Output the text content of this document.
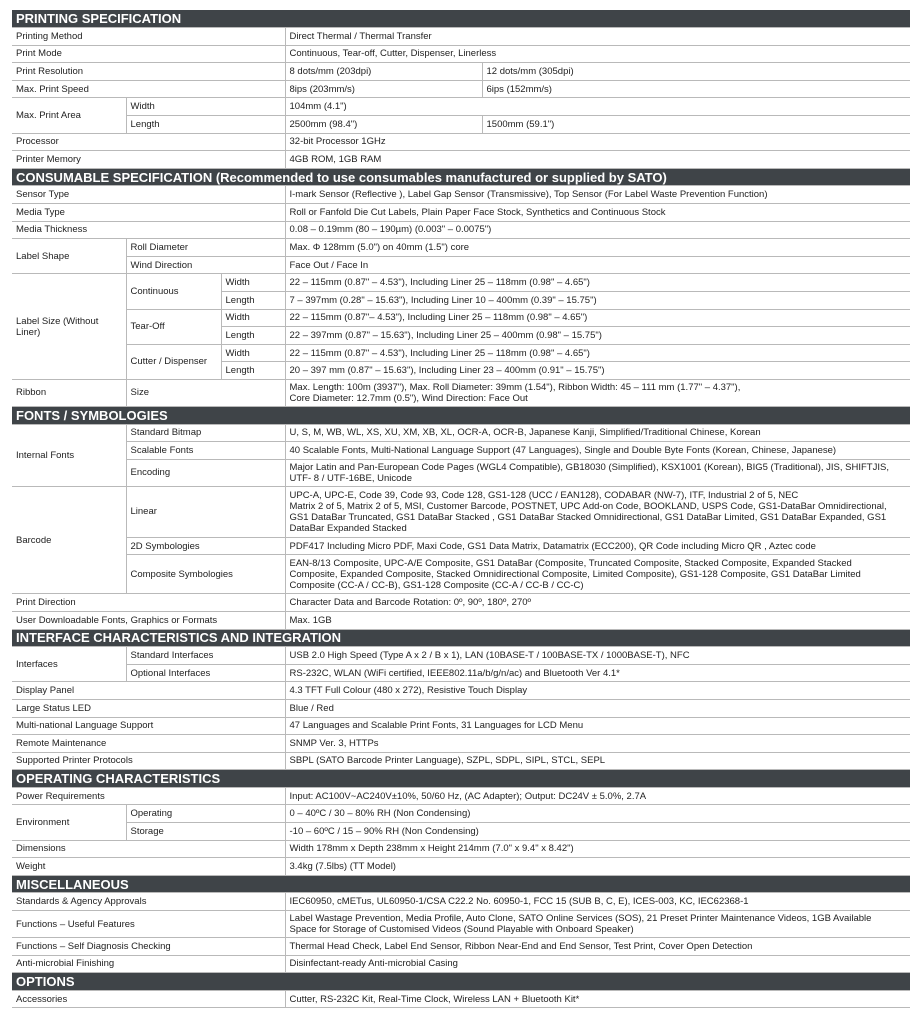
PRINTING SPECIFICATION				
Printing Method			Direct Thermal / Thermal Transfer	
Print Mode			Continuous, Tear-off, Cutter, Dispenser, Linerless	
Print Resolution			8 dots/mm (203dpi)	12 dots/mm (305dpi)
Max. Print Speed			8ips (203mm/s)	6ips (152mm/s)
Max. Print Area	Width		104mm (4.1")	
	Length		2500mm (98.4")	1500mm (59.1")
Processor			32-bit Processor 1GHz	
Printer Memory			4GB ROM, 1GB RAM	
CONSUMABLE SPECIFICATION (Recommended to use consumables manufactured or supplied by SATO)				
Sensor Type			I-mark Sensor (Reflective ), Label Gap Sensor (Transmissive), Top Sensor (For Label Waste Prevention Function)	
Media Type			Roll or Fanfold Die Cut Labels, Plain Paper Face Stock, Synthetics and Continuous Stock	
Media Thickness			0.08 – 0.19mm (80 – 190µm) (0.003" – 0.0075")	
Label Shape	Roll Diameter		Max. Φ 128mm (5.0") on 40mm (1.5") core	
	Wind Direction		Face Out / Face In	
Label Size (Without Liner)	Continuous	Width	22 – 115mm (0.87" – 4.53"), Including Liner 25 – 118mm (0.98" – 4.65")	
		Length	7 – 397mm (0.28" – 15.63"), Including Liner 10 – 400mm (0.39" – 15.75")	
	Tear-Off	Width	22 – 115mm (0.87"– 4.53"), Including Liner 25 – 118mm (0.98" – 4.65")	
		Length	22 – 397mm (0.87" – 15.63"), Including Liner 25 – 400mm (0.98" – 15.75")	
	Cutter / Dispenser	Width	22 – 115mm (0.87" – 4.53"), Including Liner 25 – 118mm (0.98" – 4.65")	
		Length	20 – 397 mm (0.87" – 15.63"), Including Liner 23 – 400mm (0.91" – 15.75")	
Ribbon	Size		Max. Length: 100m (3937"), Max. Roll Diameter: 39mm (1.54"), Ribbon Width: 45 – 111 mm (1.77" – 4.37"),
Core Diameter: 12.7mm (0.5"), Wind Direction: Face Out	

FONTS / SYMBOLOGIES				
Internal Fonts	Standard Bitmap		U, S, M, WB, WL, XS, XU, XM, XB, XL, OCR-A, OCR-B, Japanese Kanji, Simplified/Traditional Chinese, Korean	
	Scalable Fonts		40 Scalable Fonts, Multi-National Language Support (47 Languages), Single and Double Byte Fonts (Korean, Chinese, Japanese)	
	Encoding		Major Latin and Pan-European Code Pages (WGL4 Compatible), GB18030 (Simplified), KSX1001 (Korean), BIG5 (Traditional), JIS, SHIFTJIS,
UTF- 8 / UTF-16BE, Unicode	

Barcode	Linear		UPC-A, UPC-E, Code 39, Code 93, Code 128, GS1-128 (UCC / EAN128), CODABAR (NW-7), ITF, Industrial 2 of 5, NEC
Matrix 2 of 5, Matrix 2 of 5, MSI, Customer Barcode, POSTNET, UPC Add-on Code, BOOKLAND, USPS Code, GS1-DataBar Omnidirectional,
GS1 DataBar Truncated, GS1 DataBar Stacked , GS1 DataBar Stacked Omnidirectional, GS1 DataBar Limited, GS1 DataBar Expanded, GS1
DataBar Expanded Stacked	

	2D Symbologies		PDF417 Including Micro PDF, Maxi Code, GS1 Data Matrix, Datamatrix (ECC200), QR Code including Micro QR , Aztec code	
	Composite Symbologies		EAN-8/13 Composite, UPC-A/E Composite, GS1 DataBar (Composite, Truncated Composite, Stacked Composite, Expanded Stacked
Composite, Expanded Composite, Stacked Omnidirectional Composite, Limited Composite), GS1-128 Composite, GS1 DataBar Limited
Composite (CC-A / CC-B), GS1-128 Composite (CC-A / CC-B / CC-C)	

Print Direction			Character Data and Barcode Rotation: 0º, 90º, 180º, 270º	
User Downloadable Fonts, Graphics or Formats			Max. 1GB	
INTERFACE CHARACTERISTICS AND INTEGRATION				
Interfaces	Standard Interfaces		USB 2.0 High Speed (Type A x 2 / B x 1), LAN (10BASE-T / 100BASE-TX / 1000BASE-T), NFC	
	Optional Interfaces		RS-232C, WLAN (WiFi certified, IEEE802.11a/b/g/n/ac) and Bluetooth Ver 4.1*	
Display Panel			4.3 TFT Full Colour (480 x 272), Resistive Touch Display	
Large Status LED			Blue / Red	
Multi-national Language Support			47 Languages and Scalable Print Fonts, 31 Languages for LCD Menu	
Remote Maintenance			SNMP Ver. 3, HTTPs	
Supported Printer Protocols			SBPL (SATO Barcode Printer Language), SZPL, SDPL, SIPL, STCL, SEPL	
OPERATING CHARACTERISTICS				
Power Requirements			Input: AC100V~AC240V±10%, 50/60 Hz, (AC Adapter); Output: DC24V ± 5.0%, 2.7A	
Environment	Operating		0 – 40ºC / 30 – 80% RH (Non Condensing)	
	Storage		-10 – 60ºC / 15 – 90% RH (Non Condensing)	
Dimensions			Width 178mm x Depth 238mm x Height 214mm (7.0" x 9.4" x 8.42")	
Weight			3.4kg (7.5lbs) (TT Model)	
MISCELLANEOUS				
Standards & Agency Approvals			IEC60950, cMETus, UL60950-1/CSA C22.2 No. 60950-1, FCC 15 (SUB B, C, E), ICES-003, KC, IEC62368-1	
Functions – Useful Features			Label Wastage Prevention, Media Profile, Auto Clone, SATO Online Services (SOS), 21 Preset Printer Maintenance Videos, 1GB Available
Space for Storage of Customised Videos (Sound Playable with Onboard Speaker)	

Functions – Self Diagnosis Checking			Thermal Head Check, Label End Sensor, Ribbon Near-End and End Sensor, Test Print, Cover Open Detection	
Anti-microbial Finishing			Disinfectant-ready Anti-microbial Casing	
OPTIONS				
Accessories			Cutter, RS-232C Kit, Real-Time Clock, Wireless LAN + Bluetooth Kit*	
